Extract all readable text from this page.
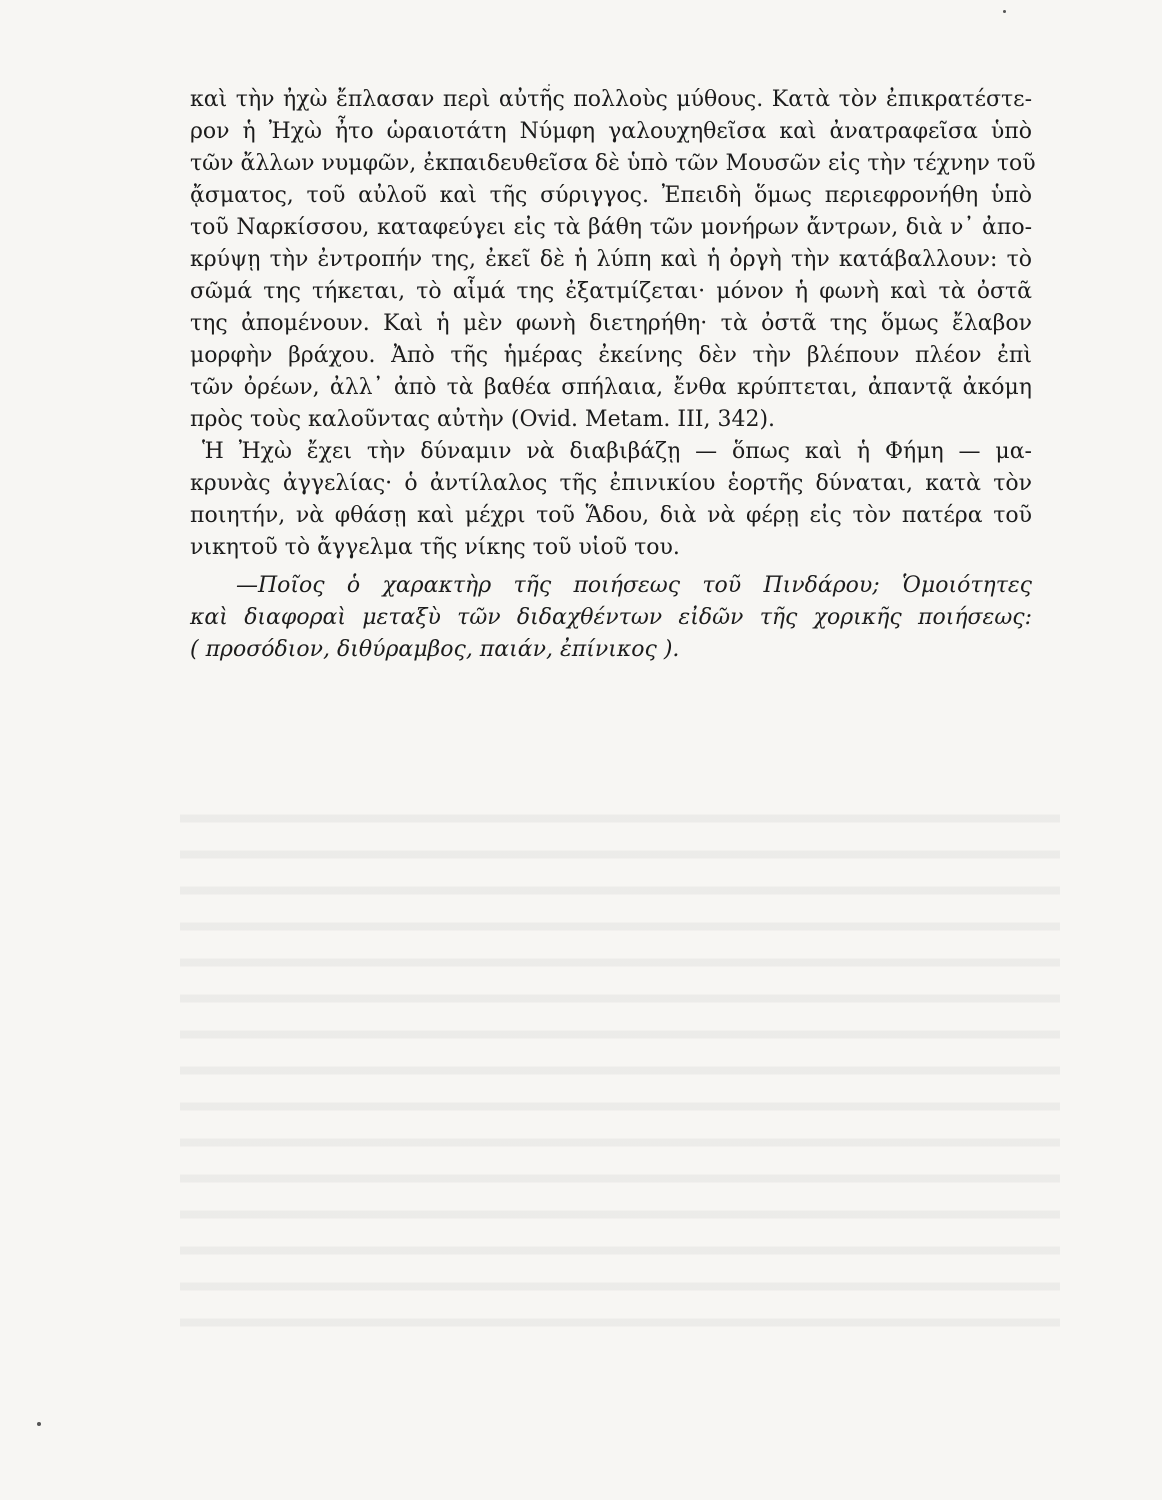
καὶ τὴν ἠχὼ ἔπλασαν περὶ αὐτῆς πολλοὺς μύθους. Κατὰ τὸν ἐπικρατέστε-
ρον ἡ Ἠχὼ ἦτο ὡραιοτάτη Νύμφη γαλουχηθεῖσα καὶ ἀνατραφεῖσα ὑπὸ
τῶν ἄλλων νυμφῶν, ἐκπαιδευθεῖσα δὲ ὑπὸ τῶν Μουσῶν εἰς τὴν τέχνην τοῦ
ᾄσματος, τοῦ αὐλοῦ καὶ τῆς σύριγγος. Ἐπειδὴ ὅμως περιεφρονήθη ὑπὸ
τοῦ Ναρκίσσου, καταφεύγει εἰς τὰ βάθη τῶν μονήρων ἄντρων, διὰ ν᾽ ἀπο-
κρύψῃ τὴν ἐντροπήν της, ἐκεῖ δὲ ἡ λύπη καὶ ἡ ὀργὴ τὴν κατάβαλλουν: τὸ
σῶμά της τήκεται, τὸ αἷμά της ἐξατμίζεται· μόνον ἡ φωνὴ καὶ τὰ ὀστᾶ
της ἀπομένουν. Καὶ ἡ μὲν φωνὴ διετηρήθη· τὰ ὀστᾶ της ὅμως ἔλαβον
μορφὴν βράχου. Ἀπὸ τῆς ἡμέρας ἐκείνης δὲν τὴν βλέπουν πλέον ἐπὶ
τῶν ὀρέων, ἀλλ᾽ ἀπὸ τὰ βαθέα σπήλαια, ἔνθα κρύπτεται, ἀπαντᾷ ἀκόμη
πρὸς τοὺς καλοῦντας αὐτὴν (Ovid. Metam. III, 342).
Ἡ Ἠχὼ ἔχει τὴν δύναμιν νὰ διαβιβάζῃ — ὅπως καὶ ἡ Φήμη — μα-
κρυνὰς ἀγγελίας· ὁ ἀντίλαλος τῆς ἐπινικίου ἑορτῆς δύναται, κατὰ τὸν
ποιητήν, νὰ φθάσῃ καὶ μέχρι τοῦ Ἅδου, διὰ νὰ φέρῃ εἰς τὸν πατέρα τοῦ
νικητοῦ τὸ ἄγγελμα τῆς νίκης τοῦ υἱοῦ του.
—Ποῖος ὁ χαρακτὴρ τῆς ποιήσεως τοῦ Πινδάρου; Ὁμοιότητες
καὶ διαφοραὶ μεταξὺ τῶν διδαχθέντων εἰδῶν τῆς χορικῆς ποιήσεως:
( προσόδιον, διθύραμβος, παιάν, ἐπίνικος ).
